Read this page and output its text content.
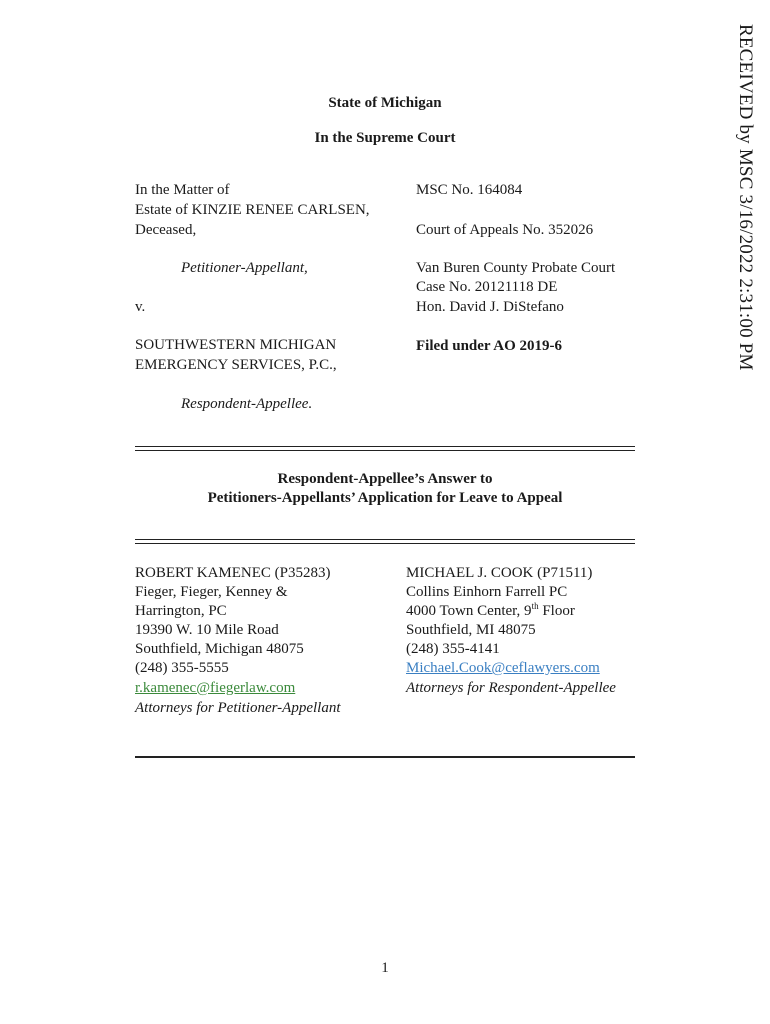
RECEIVED by MSC 3/16/2022 2:31:00 PM
State of Michigan
In the Supreme Court
In the Matter of
Estate of KINZIE RENEE CARLSEN,
Deceased,
Petitioner-Appellant,
v.
SOUTHWESTERN MICHIGAN
EMERGENCY SERVICES, P.C.,
Respondent-Appellee.
MSC No. 164084
Court of Appeals No. 352026
Van Buren County Probate Court
Case No. 20121118 DE
Hon. David J. DiStefano
Filed under AO 2019-6
Respondent-Appellee’s Answer to
Petitioners-Appellants’ Application for Leave to Appeal
ROBERT KAMENEC (P35283)
Fieger, Fieger, Kenney &
Harrington, PC
19390 W. 10 Mile Road
Southfield, Michigan 48075
(248) 355-5555
r.kamenec@fiegerlaw.com
Attorneys for Petitioner-Appellant
MICHAEL J. COOK (P71511)
Collins Einhorn Farrell PC
4000 Town Center, 9th Floor
Southfield, MI 48075
(248) 355-4141
Michael.Cook@ceflawyers.com
Attorneys for Respondent-Appellee
1
